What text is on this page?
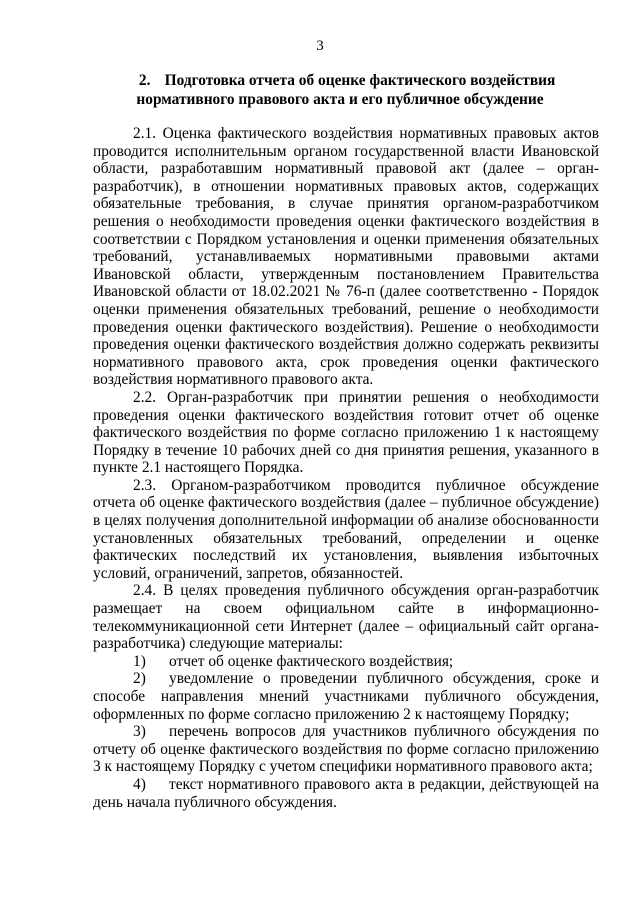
3
2. Подготовка отчета об оценке фактического воздействия
нормативного правового акта и его публичное обсуждение

2.1. Оценка фактического воздействия нормативных правовых актов проводится исполнительным органом государственной власти Ивановской области, разработавшим нормативный правовой акт (далее – орган-разработчик), в отношении нормативных правовых актов, содержащих обязательные требования, в случае принятия органом-разработчиком решения о необходимости проведения оценки фактического воздействия в соответствии с Порядком установления и оценки применения обязательных требований, устанавливаемых нормативными правовыми актами Ивановской области, утвержденным постановлением Правительства Ивановской области от 18.02.2021 № 76-п (далее соответственно - Порядок оценки применения обязательных требований, решение о необходимости проведения оценки фактического воздействия). Решение о необходимости проведения оценки фактического воздействия должно содержать реквизиты нормативного правового акта, срок проведения оценки фактического воздействия нормативного правового акта.

2.2. Орган-разработчик при принятии решения о необходимости проведения оценки фактического воздействия готовит отчет об оценке фактического воздействия по форме согласно приложению 1 к настоящему Порядку в течение 10 рабочих дней со дня принятия решения, указанного в пункте 2.1 настоящего Порядка.

2.3. Органом-разработчиком проводится публичное обсуждение отчета об оценке фактического воздействия (далее – публичное обсуждение) в целях получения дополнительной информации об анализе обоснованности установленных обязательных требований, определении и оценке фактических последствий их установления, выявления избыточных условий, ограничений, запретов, обязанностей.

2.4. В целях проведения публичного обсуждения орган-разработчик размещает на своем официальном сайте в информационно-телекоммуникационной сети Интернет (далее – официальный сайт органа-разработчика) следующие материалы:

1) отчет об оценке фактического воздействия;

2) уведомление о проведении публичного обсуждения, сроке и способе направления мнений участниками публичного обсуждения, оформленных по форме согласно приложению 2 к настоящему Порядку;

3) перечень вопросов для участников публичного обсуждения по отчету об оценке фактического воздействия по форме согласно приложению 3 к настоящему Порядку с учетом специфики нормативного правового акта;

4) текст нормативного правового акта в редакции, действующей на день начала публичного обсуждения.
